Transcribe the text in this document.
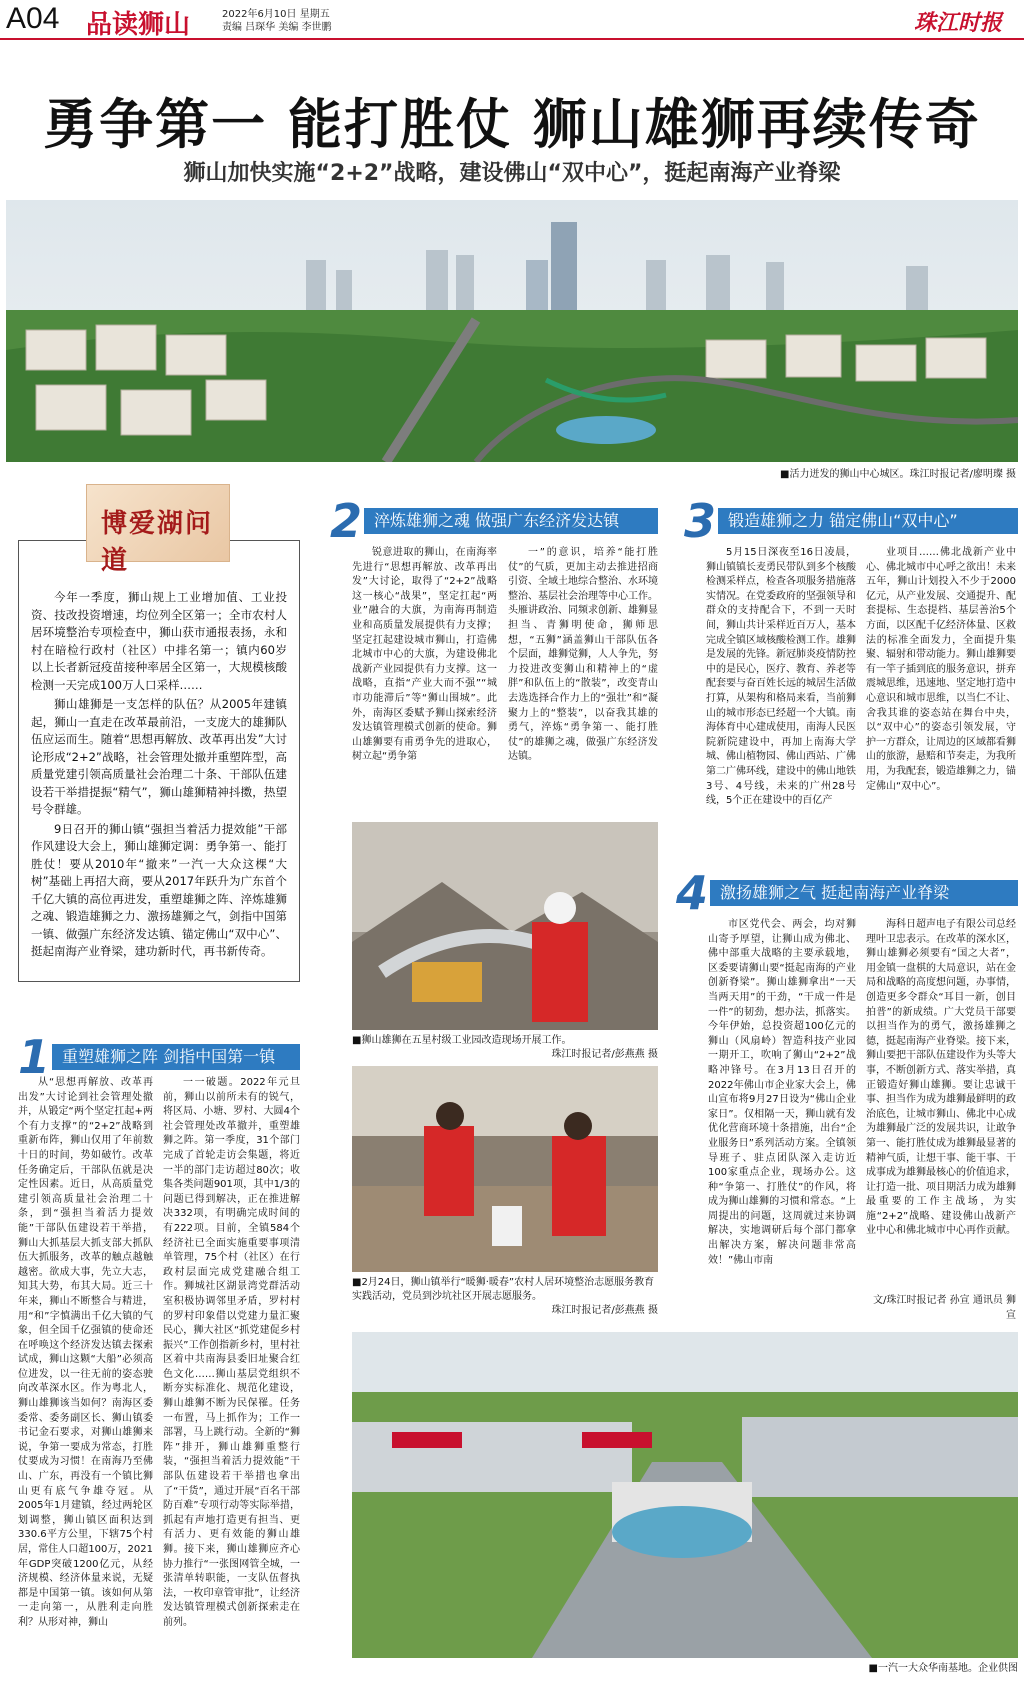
A04 品读狮山	2022年6月10日 星期五
责编 吕琛华 美编 李世鹏	珠江时报
勇争第一 能打胜仗 狮山雄狮再续传奇
狮山加快实施“2+2”战略，建设佛山“双中心”，挺起南海产业脊梁
■活力迸发的狮山中心城区。珠江时报记者/廖明璨 摄

今年一季度，狮山规上工业增加值、工业投资、技改投资增速，均位列全区第一；全市农村人居环境整治专项检查中，狮山获市通报表扬，永和村在暗检行政村（社区）中排名第一；镇内60岁以上长者新冠疫苗接种率居全区第一，大规模核酸检测一天完成100万人口采样……

狮山雄狮是一支怎样的队伍？从2005年建镇起，狮山一直走在改革最前沿，一支庞大的雄狮队伍应运而生。随着“思想再解放、改革再出发”大讨论形成“2+2”战略，社会管理处撤并重塑阵型，高质量党建引领高质量社会治理二十条、干部队伍建设若干举措提振“精气”，狮山雄狮精神抖擞，热望号令群雄。

9日召开的狮山镇“强担当着活力提效能”干部作风建设大会上，狮山雄狮定调：勇争第一、能打胜仗！要从2010年“撤来”一汽一大众这棵“大树”基础上再招大商，要从2017年跃升为广东首个千亿大镇的高位再进发，重塑雄狮之阵、淬炼雄狮之魂、锻造雄狮之力、激扬雄狮之气，剑指中国第一镇、做强广东经济发达镇、锚定佛山“双中心”、挺起南海产业脊梁，建功新时代，再书新传奇。

博爱湖问道
1 重塑雄狮之阵 剑指中国第一镇

从“思想再解放、改革再出发”大讨论到社会管理处撤并，从锻定“两个坚定扛起+两个有力支撑”的“2+2”战略到重新布阵，狮山仅用了年前数十日的时间，势如破竹。改革任务确定后，干部队伍就是决定性因素。近日，从高质量党建引领高质量社会治理二十条，到“强担当着活力提效能”干部队伍建设若干举措，狮山大抓基层大抓支部大抓队伍大抓服务，改革的触点越触越密。欲成大事，先立大志，知其大势，布其大局。近三十年来，狮山不断整合与精进，用“和”字慎满出千亿大镇的气象，但全国千亿强镇的使命还在呼唤这个经济发达镇去探索试成，狮山这颗“大船”必须高位进发，以一往无前的姿态驶向改革深水区。作为粤北人，狮山雄狮该当如何？南海区委委常、委务副区长、狮山镇委书记金石要求，对狮山雄狮来说，争第一要成为常态，打胜仗要成为习惯！在南海乃至佛山、广东，再没有一个镇比狮山更有底气争雄夺冠。从2005年1月建镇，经过两轮区划调整，狮山镇区面积达到330.6平方公里，下辖75个村居，常住人口超100万，2021年GDP突破1200亿元，从经济规模、经济体量来说，无疑都是中国第一镇。该如何从第一走向第一，从胜利走向胜利？从形对神，狮山

一一破题。2022年元旦前，狮山以前所未有的锐气，将区局、小塘、罗村、大圆4个社会管理处改革撤并，重塑雄狮之阵。第一季度，31个部门完成了首轮走访会集题，将近一半的部门走访超过80次；收集各类问题901项，其中1/3的问题已得到解决，正在推进解决332项，有明确完成时间的有222项。目前，全镇584个经济社已全面实施重要事项清单管理，75个村（社区）在行政村层面完成党建融合组工作。狮城社区湖景湾党群活动室积极协调邻里矛盾，罗村村的罗村印象借以党建力量汇聚民心，狮大社区“抓党建促乡村振兴”工作创指新乡村，里村社区着中共南海县委旧址聚合红色文化……狮山基层党组织不断夯实标准化、规范化建设，狮山雄狮不断为民保罹。任务一布置，马上抓作为；工作一部署，马上跳行动。全新的“狮阵”排开，狮山雄狮重整行装，“强担当着活力提效能”干部队伍建设若干举措也拿出了“干货”，通过开展“百名干部防百难”专项行动等实际举措，抓起有声地打造更有担当、更有活力、更有效能的狮山雄狮。接下来，狮山雄狮应齐心协力推行“一张图网管全城，一张清单转职能，一支队伍督执法，一枚印章管审批”，让经济发达镇管理模式创新探索走在前列。

2 淬炼雄狮之魂 做强广东经济发达镇

锐意进取的狮山，在南海率先进行“思想再解放、改革再出发”大讨论，取得了“2+2”战略这一核心“战果”，坚定扛起“两业”融合的大旗，为南海再制造业和高质量发展提供有力支撑；坚定扛起建设城市狮山，打造佛北城市中心的大旗，为建设佛北战新产业园提供有力支撑。这一战略，直指“产业大而不强”“城市功能滞后”等“狮山围城”。此外，南海区委赋予狮山探索经济发达镇管理模式创新的使命。狮山雄狮要有甫勇争先的进取心，树立起“勇争第

一”的意识，培养“能打胜仗”的气质，更加主动去推进招商引资、全域土地综合整治、水环境整治、基层社会治理等中心工作。头雁讲政治、同频求创新、雄狮显担当、青狮明使命，狮师思想，“五狮”涵盖狮山干部队伍各个层面，雄狮觉狮，人人争先，努力投进改变狮山和精神上的“虚胖”和队伍上的“散装”，改变青山去选选择合作力上的“强壮”和“凝聚力上的“整装”，以奋我其雄的勇气，淬炼“勇争第一、能打胜仗”的雄狮之魂，做强广东经济发达镇。

■狮山雄狮在五星村级工业园改造现场开展工作。
珠江时报记者/彭燕燕 摄
■2月24日，狮山镇举行“暖狮·暖春”农村人居环境整治志愿服务教育实践活动，党员到沙坑社区开展志愿服务。
珠江时报记者/彭燕燕 摄
3 锻造雄狮之力 锚定佛山“双中心”

5月15日深夜至16日凌晨，狮山镇镇长麦勇民带队到多个核酸检测采样点，检查各项服务措施落实情况。在党委政府的坚强领导和群众的支持配合下，不到一天时间，狮山共计采样近百万人，基本完成全镇区域核酸检测工作。雄狮是发展的先锋。新冠肺炎疫情防控中的是民心，医疗、教育、养老等配套要与奋百姓长远的城居生活做打算，从架构和格局来看，当前狮山的城市形态已经超一个大镇。南海体育中心建成使用，南海人民医院新院建设中，再加上南海大学城、佛山植物园、佛山西站、广佛第二广佛环线，建设中的佛山地铁3号、4号线，未来的广州28号线，5个正在建设中的百亿产

业项目……佛北战新产业中心、佛北城市中心呼之欲出！未来五年，狮山计划投入不少于2000亿元，从产业发展、交通提升、配套提标、生态提档、基层善治5个方面，以区配千亿经济体量、区救法的标准全面发力，全面提升集聚、辐射和带动能力。狮山雄狮要有一竿子插到底的服务意识，拼弃震城思维，迅速地、坚定地打造中心意识和城市思维，以当仁不让、舍我其谁的姿态站在舞台中央，以“双中心”的姿态引领发展，守护一方群众，让周边的区域都看狮山的旅游，悬赔和节奏走，为我所用，为我配套，锻造雄狮之力，锚定佛山“双中心”。

4 激扬雄狮之气 挺起南海产业脊梁

市区党代会、两会，均对狮山寄予厚望，让狮山成为佛北、佛中部重大战略的主要承载地，区委要请狮山要“挺起南海的产业创新脊梁”。狮山雄狮拿出“一天当两天用”的干劲，“干成一件是一件”的韧劲，想办法，抓落实。今年伊始，总投资超100亿元的狮山（风扇岭）智造科技产业园一期开工，吹响了狮山“2+2”战略冲锋号。在3月13日召开的2022年佛山市企业家大会上，佛山宣布将9月27日设为“佛山企业家日”。仅相隔一天，狮山就有发优化营商环境十条措施，出台“企业服务日”系列活动方案。全镇领导班子、驻点团队深入走访近100家重点企业，现场办公。这种“争第一、打胜仗”的作风，将成为狮山雄狮的习惯和常态。“上周提出的问题，这周就过来协调解决，实地调研后每个部门都拿出解决方案，解决问题非常高效！”佛山市南

海科日超声电子有限公司总经理叶卫忠表示。在改革的深水区，狮山雄狮必须要有“国之大者”，用金镇一盘棋的大局意识，站在金局和战略的高度想问题，办事情，创造更多令群众“耳目一新，创目拍普”的新成绩。广大党员干部要以担当作为的勇气，激扬雄狮之德，挺起南海产业脊梁。接下来，狮山要把干部队伍建设作为头等大事，不断创新方式、落实举措，真正锻造好狮山雄狮。要让忠诚干事、担当作为成为雄狮最鲜明的政治底色，让城市狮山、佛北中心成为雄狮最广泛的发展共识，让敢争第一、能打胜仗成为雄狮最显著的精神气质，让想干事、能干事、干成事成为雄狮最核心的价值追求，让打造一批、项目期活力成为雄狮最重要的工作主战场，为实施“2+2”战略、建设佛山战新产业中心和佛北城市中心再作贡献。

文/珠江时报记者 孙宣 通讯员 狮宣
■一汽一大众华南基地。企业供图
